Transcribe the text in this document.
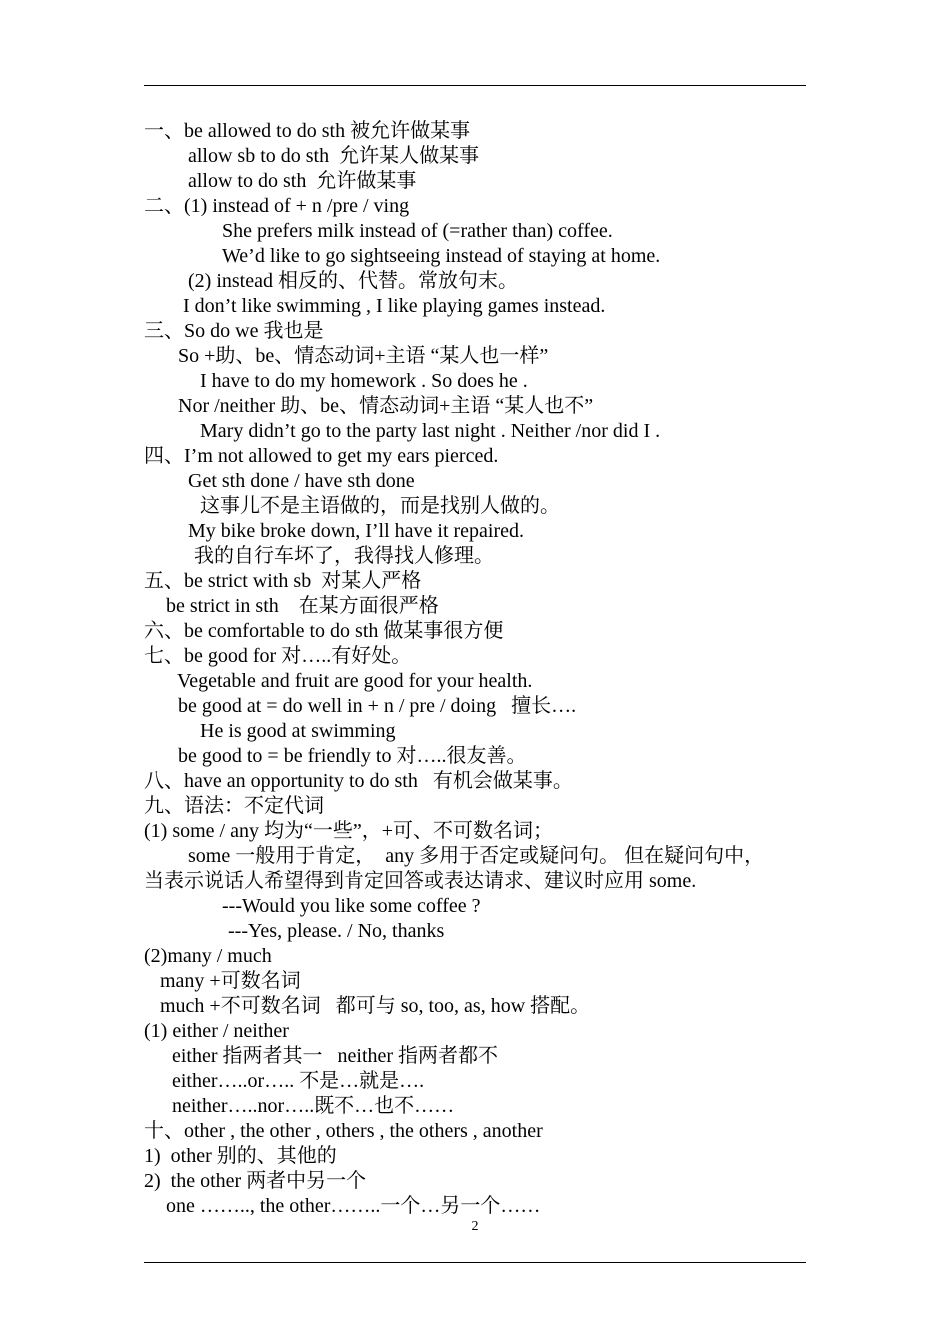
一、be allowed to do sth 被允许做某事
allow sb to do sth  允许某人做某事
allow to do sth  允许做某事
二、(1) instead of + n /pre / ving
She prefers milk instead of (=rather than) coffee.
We’d like to go sightseeing instead of staying at home.
(2) instead 相反的、代替。常放句末。
I don’t like swimming , I like playing games instead.
三、So do we 我也是
So +助、be、情态动词+主语 “某人也一样”
I have to do my homework . So does he .
Nor /neither 助、be、情态动词+主语 “某人也不”
Mary didn’t go to the party last night . Neither /nor did I .
四、I’m not allowed to get my ears pierced.
Get sth done / have sth done
这事儿不是主语做的，而是找别人做的。
My bike broke down, I’ll have it repaired.
我的自行车坏了，我得找人修理。
五、be strict with sb  对某人严格
be strict in sth    在某方面很严格
六、be comfortable to do sth 做某事很方便
七、be good for 对…..有好处。
Vegetable and fruit are good for your health.
be good at = do well in + n / pre / doing   擅长….
He is good at swimming
be good to = be friendly to 对…..很友善。
八、have an opportunity to do sth   有机会做某事。
九、语法：不定代词
(1) some / any 均为“一些”，+可、不可数名词；
some 一般用于肯定，  any 多用于否定或疑问句。 但在疑问句中，
当表示说话人希望得到肯定回答或表达请求、建议时应用 some.
---Would you like some coffee ?
---Yes, please. / No, thanks
(2)many / much
many +可数名词
much +不可数名词   都可与 so, too, as, how 搭配。
(1) either / neither
either 指两者其一   neither 指两者都不
either…..or….. 不是…就是….
neither…..nor…..既不…也不……
十、other , the other , others , the others , another
1)  other 别的、其他的
2)  the other 两者中另一个
one …….., the other……..一个…另一个……
2
